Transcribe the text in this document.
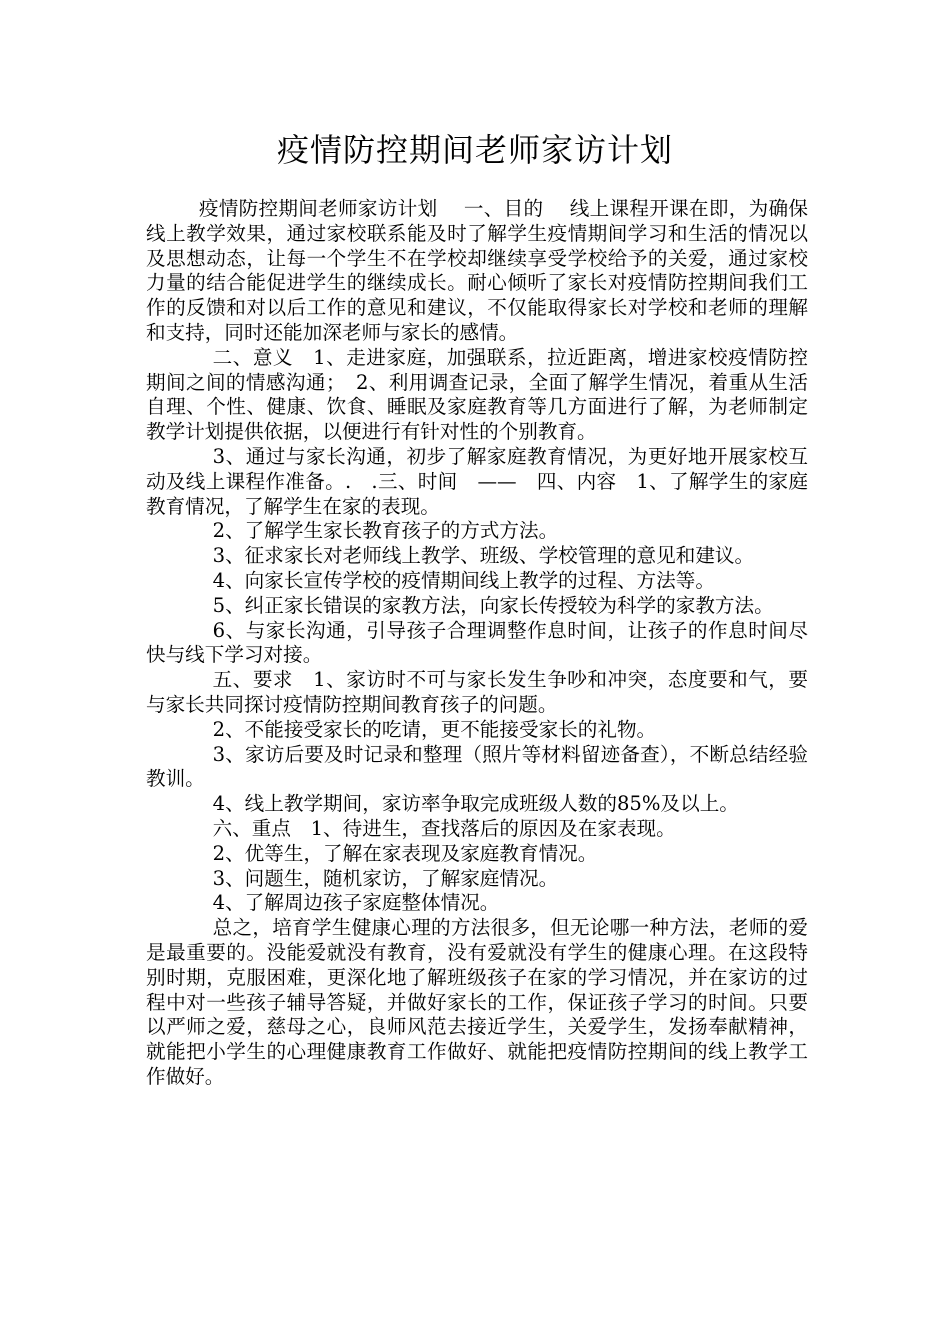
疫情防控期间老师家访计划

疫情防控期间老师家访计划　 一、目的　 线上课程开课在即，为确保线上教学效果，通过家校联系能及时了解学生疫情期间学习和生活的情况以及思想动态，让每一个学生不在学校却继续享受学校给予的关爱，通过家校力量的结合能促进学生的继续成长。耐心倾听了家长对疫情防控期间我们工作的反馈和对以后工作的意见和建议，不仅能取得家长对学校和老师的理解和支持，同时还能加深老师与家长的感情。

二、意义　1、走进家庭，加强联系，拉近距离，增进家校疫情防控期间之间的情感沟通；　2、利用调查记录，全面了解学生情况，着重从生活自理、个性、健康、饮食、睡眠及家庭教育等几方面进行了解，为老师制定教学计划提供依据，以便进行有针对性的个别教育。

3、通过与家长沟通，初步了解家庭教育情况，为更好地开展家校互动及线上课程作准备。.　.三、时间　——　四、内容　1、了解学生的家庭教育情况，了解学生在家的表现。

2、了解学生家长教育孩子的方式方法。

3、征求家长对老师线上教学、班级、学校管理的意见和建议。

4、向家长宣传学校的疫情期间线上教学的过程、方法等。

5、纠正家长错误的家教方法，向家长传授较为科学的家教方法。

6、与家长沟通，引导孩子合理调整作息时间，让孩子的作息时间尽快与线下学习对接。

五、要求　1、家访时不可与家长发生争吵和冲突，态度要和气，要与家长共同探讨疫情防控期间教育孩子的问题。

2、不能接受家长的吃请，更不能接受家长的礼物。

3、家访后要及时记录和整理（照片等材料留迹备查），不断总结经验教训。

4、线上教学期间，家访率争取完成班级人数的85%及以上。

六、重点　1、待进生，查找落后的原因及在家表现。

2、优等生，了解在家表现及家庭教育情况。

3、问题生，随机家访，了解家庭情况。

4、了解周边孩子家庭整体情况。

总之，培育学生健康心理的方法很多，但无论哪一种方法，老师的爱是最重要的。没能爱就没有教育，没有爱就没有学生的健康心理。在这段特别时期，克服困难，更深化地了解班级孩子在家的学习情况，并在家访的过程中对一些孩子辅导答疑，并做好家长的工作，保证孩子学习的时间。只要以严师之爱，慈母之心，良师风范去接近学生，关爱学生，发扬奉献精神，就能把小学生的心理健康教育工作做好、就能把疫情防控期间的线上教学工作做好。
